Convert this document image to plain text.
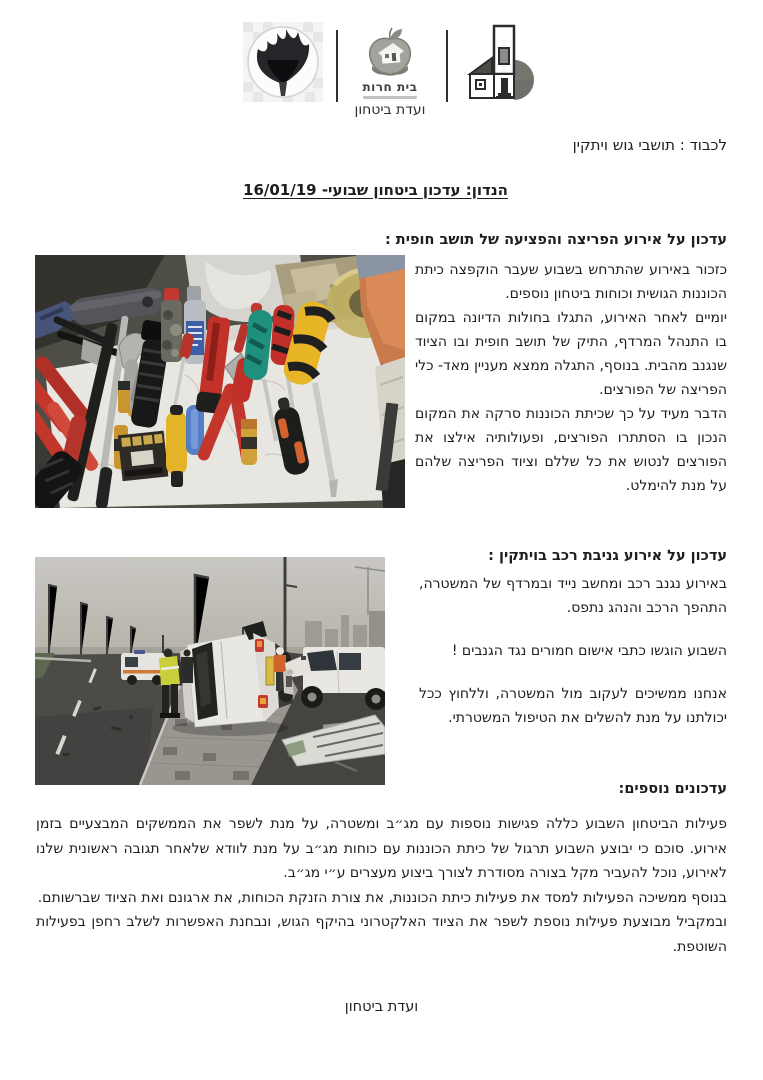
בית חרות
ועדת ביטחון
לכבוד : תושבי גוש ויתקין
הנדון: עדכון ביטחון שבועי- 16/01/19
עדכון על אירוע הפריצה והפציעה של תושב חופית :

כזכור באירוע שהתרחש בשבוע שעבר הוקפצה כיתת הכוננות הגושית וכוחות ביטחון נוספים.

יומיים לאחר האירוע, התגלו בחולות הדיונה במקום בו התנהל המרדף, התיק של תושב חופית ובו הציוד שנגנב מהבית. בנוסף, התגלה ממצא מעניין מאד- כלי הפריצה של הפורצים.

הדבר מעיד על כך שכיתת הכוננות סרקה את המקום הנכון בו הסתתרו הפורצים, ופעולותיה אילצו את הפורצים לנטוש את כל שללם וציוד הפריצה שלהם על מנת להימלט.

עדכון על אירוע גניבת רכב בויתקין :

באירוע נגנב רכב ומחשב נייד ובמרדף של המשטרה, התהפך הרכב והנהג נתפס.

השבוע הוגשו כתבי אישום חמורים נגד הגנבים !

אנחנו ממשיכים לעקוב מול המשטרה, וללחוץ ככל יכולתנו על מנת להשלים את הטיפול המשטרתי.

עדכונים נוספים:

פעילות הביטחון השבוע כללה פגישות נוספות עם מג״ב ומשטרה, על מנת לשפר את הממשקים המבצעיים בזמן אירוע. סוכם כי יבוצע השבוע תרגול של כיתת הכוננות עם כוחות מג״ב על מנת לוודא שלאחר תגובה ראשונית שלנו לאירוע, נוכל להעביר מקל בצורה מסודרת לצורך ביצוע מעצרים ע״י מג״ב.

בנוסף ממשיכה הפעילות למסד את פעילות כיתת הכוננות, את צורת הזנקת הכוחות, את ארגונם ואת הציוד שברשותם.

ובמקביל מבוצעת פעילות נוספת לשפר את הציוד האלקטרוני בהיקף הגוש, ונבחנת האפשרות לשלב רחפן בפעילות השוטפת.

ועדת ביטחון
